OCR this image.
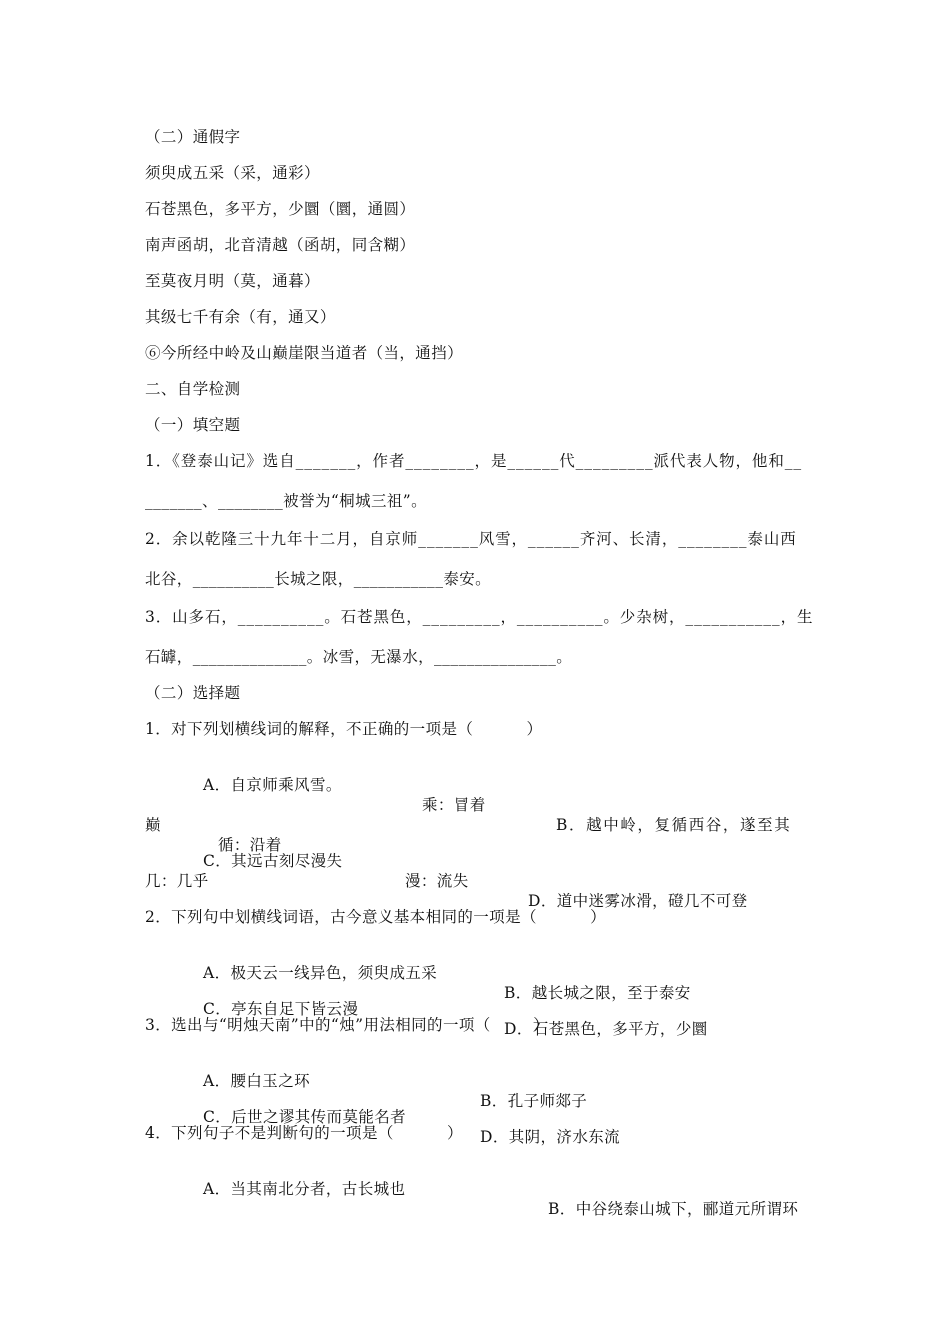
（二）通假字
须臾成五采（采，通彩）
石苍黑色，多平方，少圜（圜，通圆）
南声函胡，北音清越（函胡，同含糊）
至莫夜月明（莫，通暮）
其级七千有余（有，通又）
⑥今所经中岭及山巅崖限当道者（当，通挡）
二、自学检测
（一）填空题
1．《登泰山记》选自_______，作者________，是______代_________派代表人物，他和__
_______、________被誉为“桐城三祖”。
2．余以乾隆三十九年十二月，自京师_______风雪，______齐河、长清，________泰山西
北谷，__________长城之限，___________泰安。
3．山多石，__________。石苍黑色，_________，__________。少杂树，___________，生
石罅，______________。冰雪，无瀑水，_______________。
（二）选择题
1．对下列划横线词的解释，不正确的一项是（          ）

A．自京师乘风雪。

乘：冒着

B．越中岭，复循西谷，遂至其

巅

循：沿着

C．其远古刻尽漫失

漫：流失

D．道中迷雾冰滑，磴几不可登

几：几乎
2．下列句中划横线词语，古今意义基本相同的一项是（          ）

A．极天云一线异色，须臾成五采

B．越长城之限，至于泰安

C．亭东自足下皆云漫

D．石苍黑色，多平方，少圜

3．选出与“明烛天南”中的“烛”用法相同的一项（        ）

A．腰白玉之环

B．孔子师郯子

C．后世之谬其传而莫能名者

D．其阴，济水东流

4．下列句子不是判断句的一项是（          ）

A．当其南北分者，古长城也

B．中谷绕泰山城下，郦道元所谓环
